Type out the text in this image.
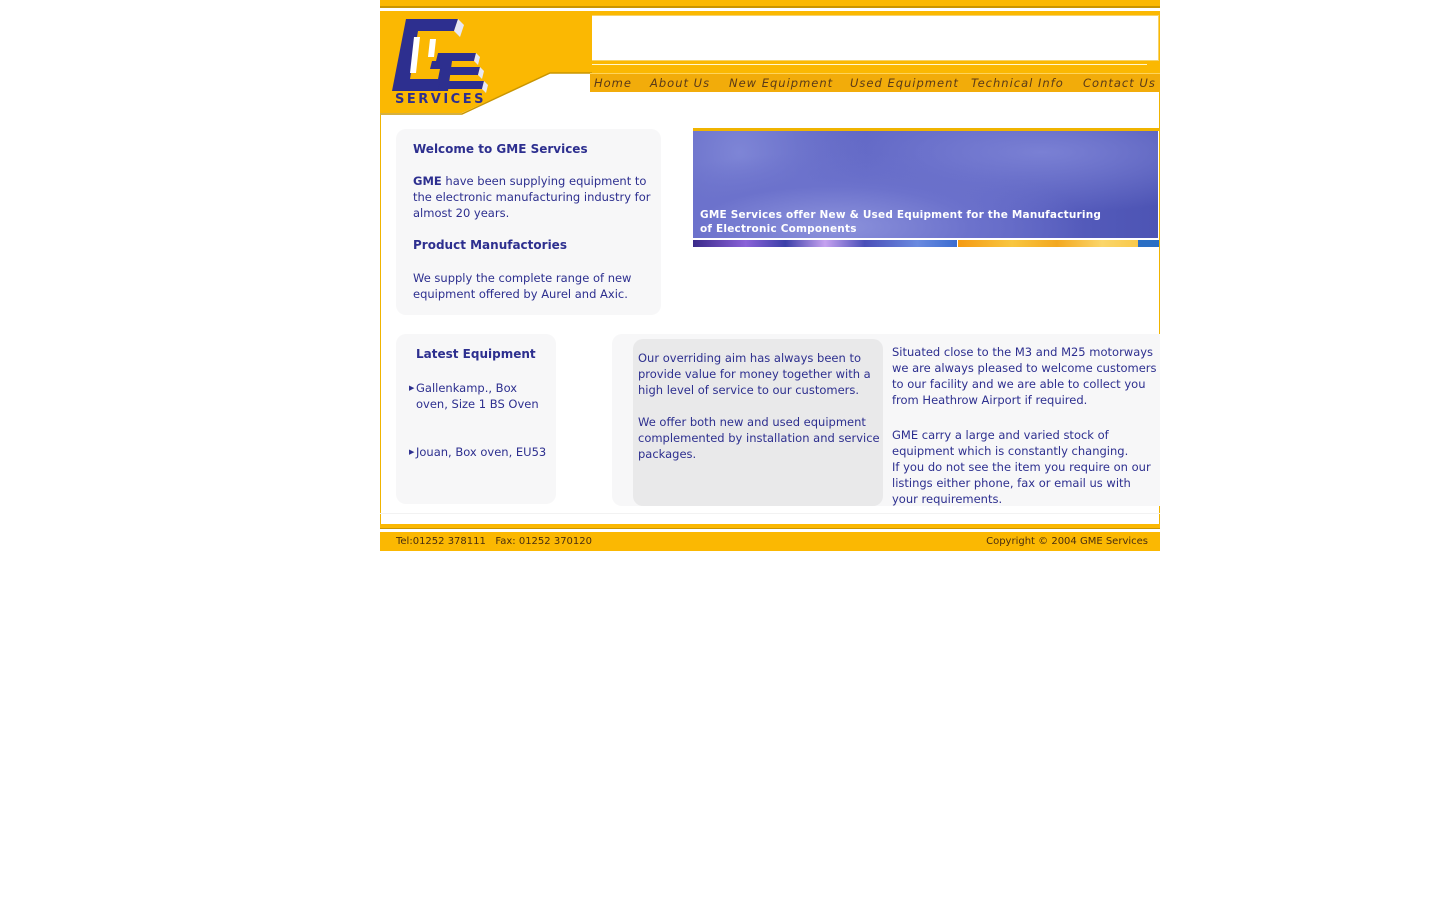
SERVICES
Home About Us New Equipment Used Equipment Technical Info Contact Us
Welcome to GME Services

GME have been supplying equipment to the electronic manufacturing industry for almost 20 years.

Product Manufactories

We supply the complete range of new equipment offered by Aurel and Axic.

GME Services offer New & Used Equipment for the Manufacturing
of Electronic Components
Latest Equipment
▶ Gallenkamp., Box oven, Size 1 BS Oven
▶ Jouan, Box oven, EU53

Our overriding aim has always been to provide value for money together with a high level of service to our customers.

We offer both new and used equipment complemented by installation and service packages.

Situated close to the M3 and M25 motorways we are always pleased to welcome customers to our facility and we are able to collect you from Heathrow Airport if required.

GME carry a large and varied stock of equipment which is constantly changing.

If you do not see the item you require on our listings either phone, fax or email us with your requirements.

Tel:01252 378111   Fax: 01252 370120	Copyright © 2004 GME Services
